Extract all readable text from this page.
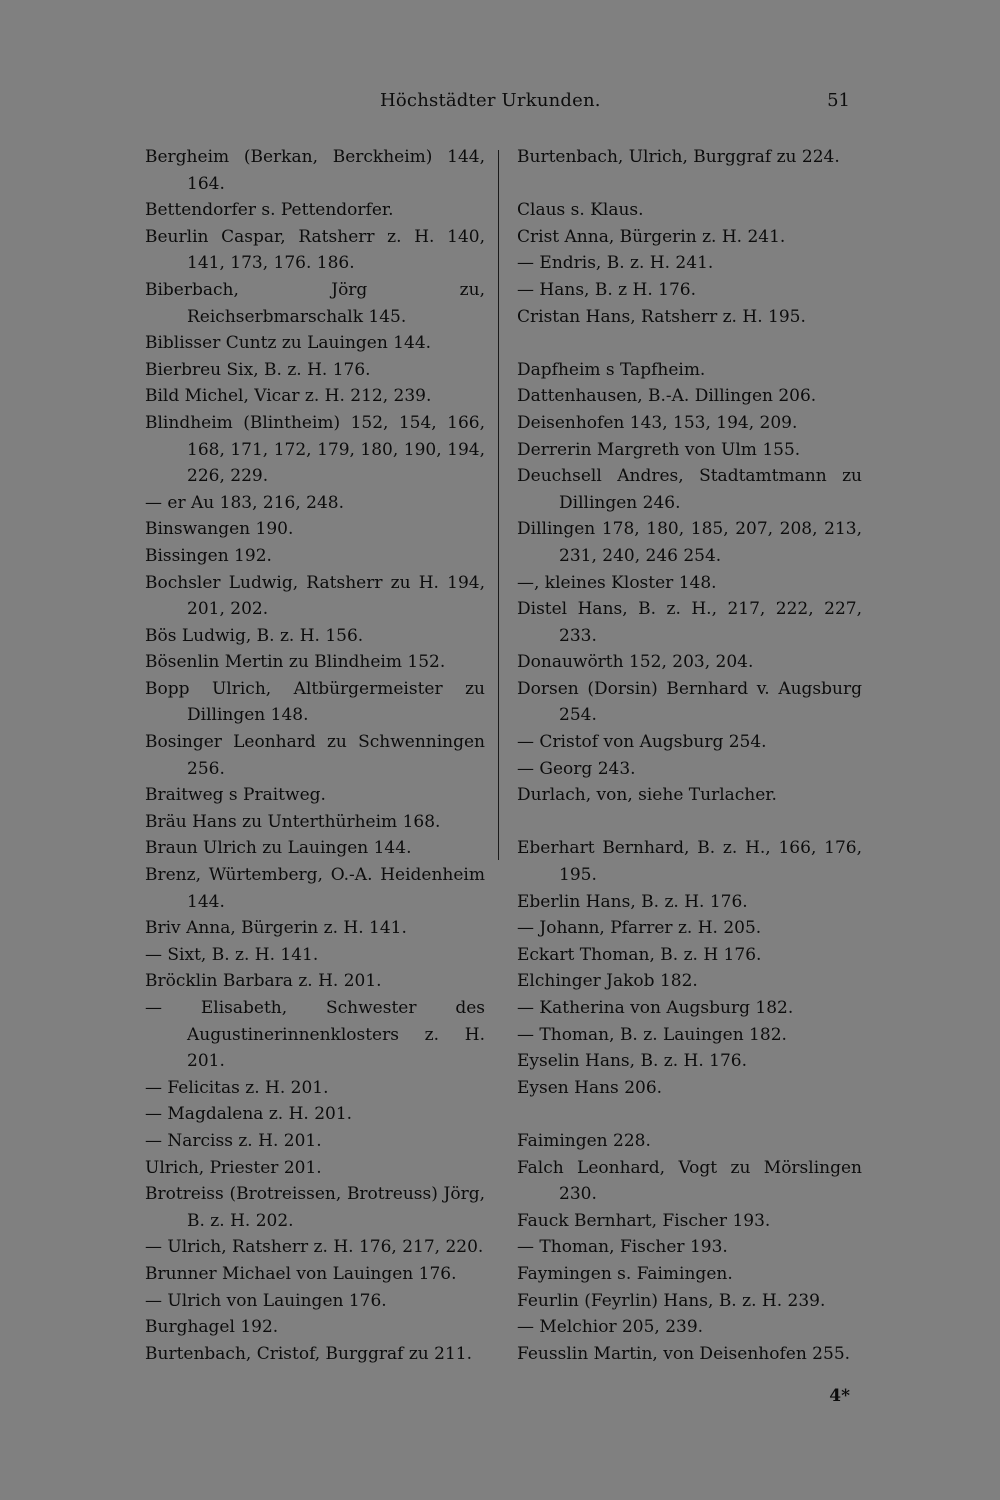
Höchstädter Urkunden.	51
Bergheim (Berkan, Berckheim) 144, 164.
Bettendorfer s. Pettendorfer.
Beurlin Caspar, Ratsherr z. H. 140, 141, 173, 176. 186.
Biberbach, Jörg zu, Reichserbmarschalk 145.
Biblisser Cuntz zu Lauingen 144.
Bierbreu Six, B. z. H. 176.
Bild Michel, Vicar z. H. 212, 239.
Blindheim (Blintheim) 152, 154, 166, 168, 171, 172, 179, 180, 190, 194, 226, 229.
— er Au 183, 216, 248.
Binswangen 190.
Bissingen 192.
Bochsler Ludwig, Ratsherr zu H. 194, 201, 202.
Bös Ludwig, B. z. H. 156.
Bösenlin Mertin zu Blindheim 152.
Bopp Ulrich, Altbürgermeister zu Dillingen 148.
Bosinger Leonhard zu Schwenningen 256.
Braitweg s Praitweg.
Bräu Hans zu Unterthürheim 168.
Braun Ulrich zu Lauingen 144.
Brenz, Würtemberg, O.-A. Heidenheim 144.
Briv Anna, Bürgerin z. H. 141.
— Sixt, B. z. H. 141.
Bröcklin Barbara z. H. 201.
— Elisabeth, Schwester des Augustinerinnenklosters z. H. 201.
— Felicitas z. H. 201.
— Magdalena z. H. 201.
— Narciss z. H. 201.
Ulrich, Priester 201.
Brotreiss (Brotreissen, Brotreuss) Jörg, B. z. H. 202.
— Ulrich, Ratsherr z. H. 176, 217, 220.
Brunner Michael von Lauingen 176.
— Ulrich von Lauingen 176.
Burghagel 192.
Burtenbach, Cristof, Burggraf zu 211.
Burtenbach, Ulrich, Burggraf zu 224.
Claus s. Klaus.
Crist Anna, Bürgerin z. H. 241.
— Endris, B. z. H. 241.
— Hans, B. z H. 176.
Cristan Hans, Ratsherr z. H. 195.
Dapfheim s Tapfheim.
Dattenhausen, B.-A. Dillingen 206.
Deisenhofen 143, 153, 194, 209.
Derrerin Margreth von Ulm 155.
Deuchsell Andres, Stadtamtmann zu Dillingen 246.
Dillingen 178, 180, 185, 207, 208, 213, 231, 240, 246 254.
—, kleines Kloster 148.
Distel Hans, B. z. H., 217, 222, 227, 233.
Donauwörth 152, 203, 204.
Dorsen (Dorsin) Bernhard v. Augsburg 254.
— Cristof von Augsburg 254.
— Georg 243.
Durlach, von, siehe Turlacher.
Eberhart Bernhard, B. z. H., 166, 176, 195.
Eberlin Hans, B. z. H. 176.
— Johann, Pfarrer z. H. 205.
Eckart Thoman, B. z. H 176.
Elchinger Jakob 182.
— Katherina von Augsburg 182.
— Thoman, B. z. Lauingen 182.
Eyselin Hans, B. z. H. 176.
Eysen Hans 206.
Faimingen 228.
Falch Leonhard, Vogt zu Mörslingen 230.
Fauck Bernhart, Fischer 193.
— Thoman, Fischer 193.
Faymingen s. Faimingen.
Feurlin (Feyrlin) Hans, B. z. H. 239.
— Melchior 205, 239.
Feusslin Martin, von Deisenhofen 255.
4*
